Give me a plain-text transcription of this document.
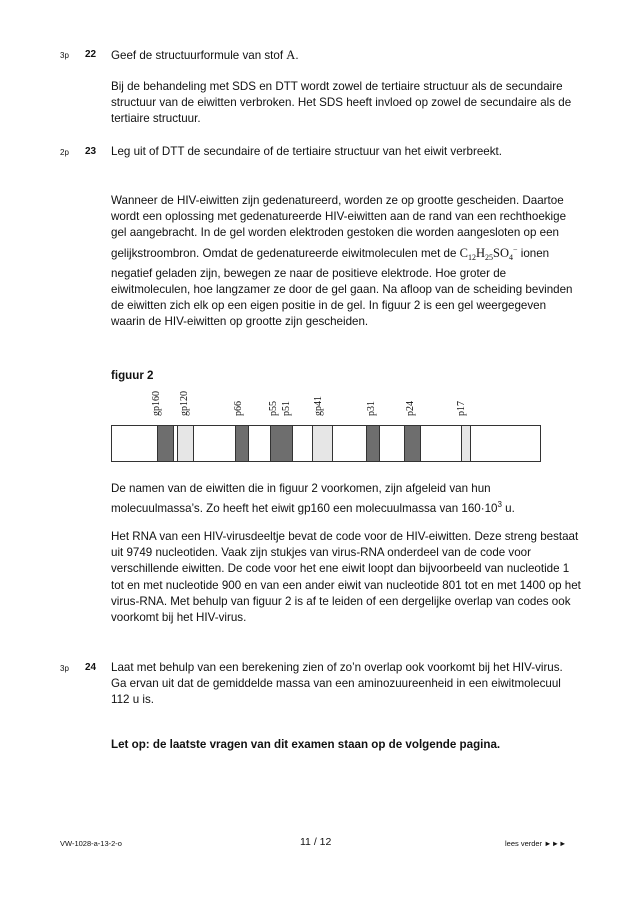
3p 22 Geef de structuurformule van stof A.

Bij de behandeling met SDS en DTT wordt zowel de tertiaire structuur als de secundaire structuur van de eiwitten verbroken. Het SDS heeft invloed op zowel de secundaire als de tertiaire structuur.

2p 23 Leg uit of DTT de secundaire of de tertiaire structuur van het eiwit verbreekt.

Wanneer de HIV-eiwitten zijn gedenatureerd, worden ze op grootte gescheiden. Daartoe wordt een oplossing met gedenatureerde HIV-eiwitten aan de rand van een rechthoekige gel aangebracht. In de gel worden elektroden gestoken die worden aangesloten op een gelijkstroombron. Omdat de gedenatureerde eiwitmoleculen met de $C_{12}H_{25}SO_4^-$ ionen negatief geladen zijn, bewegen ze naar de positieve elektrode. Hoe groter de eiwitmoleculen, hoe langzamer ze door de gel gaan. Na afloop van de scheiding bevinden de eiwitten zich elk op een eigen positie in de gel. In figuur 2 is een gel weergegeven waarin de HIV-eiwitten op grootte zijn gescheiden.

figuur 2
gp160 gp120	p66 p55 p51 gp41	p31	p24	p17

De namen van de eiwitten die in figuur 2 voorkomen, zijn afgeleid van hun molecuulmassa’s. Zo heeft het eiwit gp160 een molecuulmassa van $160\cdot 10^3$ u.

Het RNA van een HIV-virusdeeltje bevat de code voor de HIV-eiwitten. Deze streng bestaat uit 9749 nucleotiden. Vaak zijn stukjes van virus-RNA onderdeel van de code voor verschillende eiwitten. De code voor het ene eiwit loopt dan bijvoorbeeld van nucleotide 1 tot en met nucleotide 900 en van een ander eiwit van nucleotide 801 tot en met 1400 op het virus-RNA. Met behulp van figuur 2 is af te leiden of een dergelijke overlap van codes ook voorkomt bij het HIV-virus.

3p 24 Laat met behulp van een berekening zien of zo’n overlap ook voorkomt bij het HIV-virus. Ga ervan uit dat de gemiddelde massa van een aminozuureenheid in een eiwitmolecuul 112 u is.
Let op: de laatste vragen van dit examen staan op de volgende pagina.
VW-1028-a-13-2-o	11 / 12	lees verder ►►►
